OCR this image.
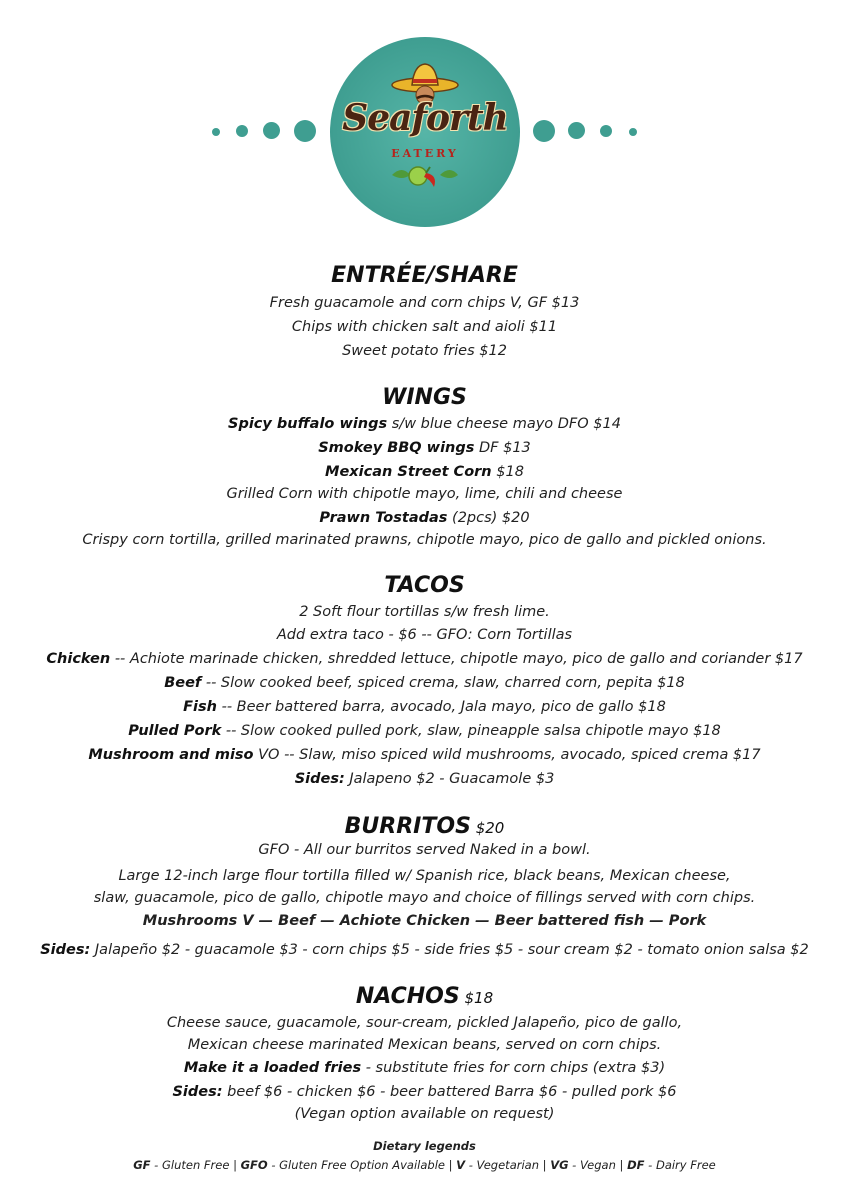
Seaforth
EATERY
ENTRÉE/SHARE
Fresh guacamole and corn chips V, GF $13
Chips with chicken salt and aioli $11
Sweet potato fries $12
WINGS
Spicy buffalo wings s/w blue cheese mayo DFO $14
Smokey BBQ wings DF $13
Mexican Street Corn $18
Grilled Corn with chipotle mayo, lime, chili and cheese
Prawn Tostadas (2pcs) $20
Crispy corn tortilla, grilled marinated prawns, chipotle mayo, pico de gallo and pickled onions.
TACOS
2 Soft flour tortillas s/w fresh lime.
Add extra taco - $6 -- GFO: Corn Tortillas
Chicken -- Achiote marinade chicken, shredded lettuce, chipotle mayo, pico de gallo and coriander $17
Beef -- Slow cooked beef, spiced crema, slaw, charred corn, pepita $18
Fish -- Beer battered barra, avocado, Jala mayo, pico de gallo $18
Pulled Pork -- Slow cooked pulled pork, slaw, pineapple salsa chipotle mayo $18
Mushroom and miso VO -- Slaw, miso spiced wild mushrooms, avocado, spiced crema $17
Sides: Jalapeno $2 - Guacamole $3
BURRITOS $20
GFO - All our burritos served Naked in a bowl.
Large 12-inch large flour tortilla filled w/ Spanish rice, black beans, Mexican cheese,
slaw, guacamole, pico de gallo, chipotle mayo and choice of fillings served with corn chips.
Mushrooms V — Beef — Achiote Chicken — Beer battered fish — Pork
Sides: Jalapeño $2 - guacamole $3 - corn chips $5 - side fries $5 - sour cream $2 - tomato onion salsa $2
NACHOS $18
Cheese sauce, guacamole, sour-cream, pickled Jalapeño, pico de gallo,
Mexican cheese marinated Mexican beans, served on corn chips.
Make it a loaded fries - substitute fries for corn chips (extra $3)
Sides: beef $6 - chicken $6 - beer battered Barra $6 - pulled pork $6
(Vegan option available on request)
Dietary legends
GF - Gluten Free | GFO - Gluten Free Option Available | V - Vegetarian | VG - Vegan | DF - Dairy Free
